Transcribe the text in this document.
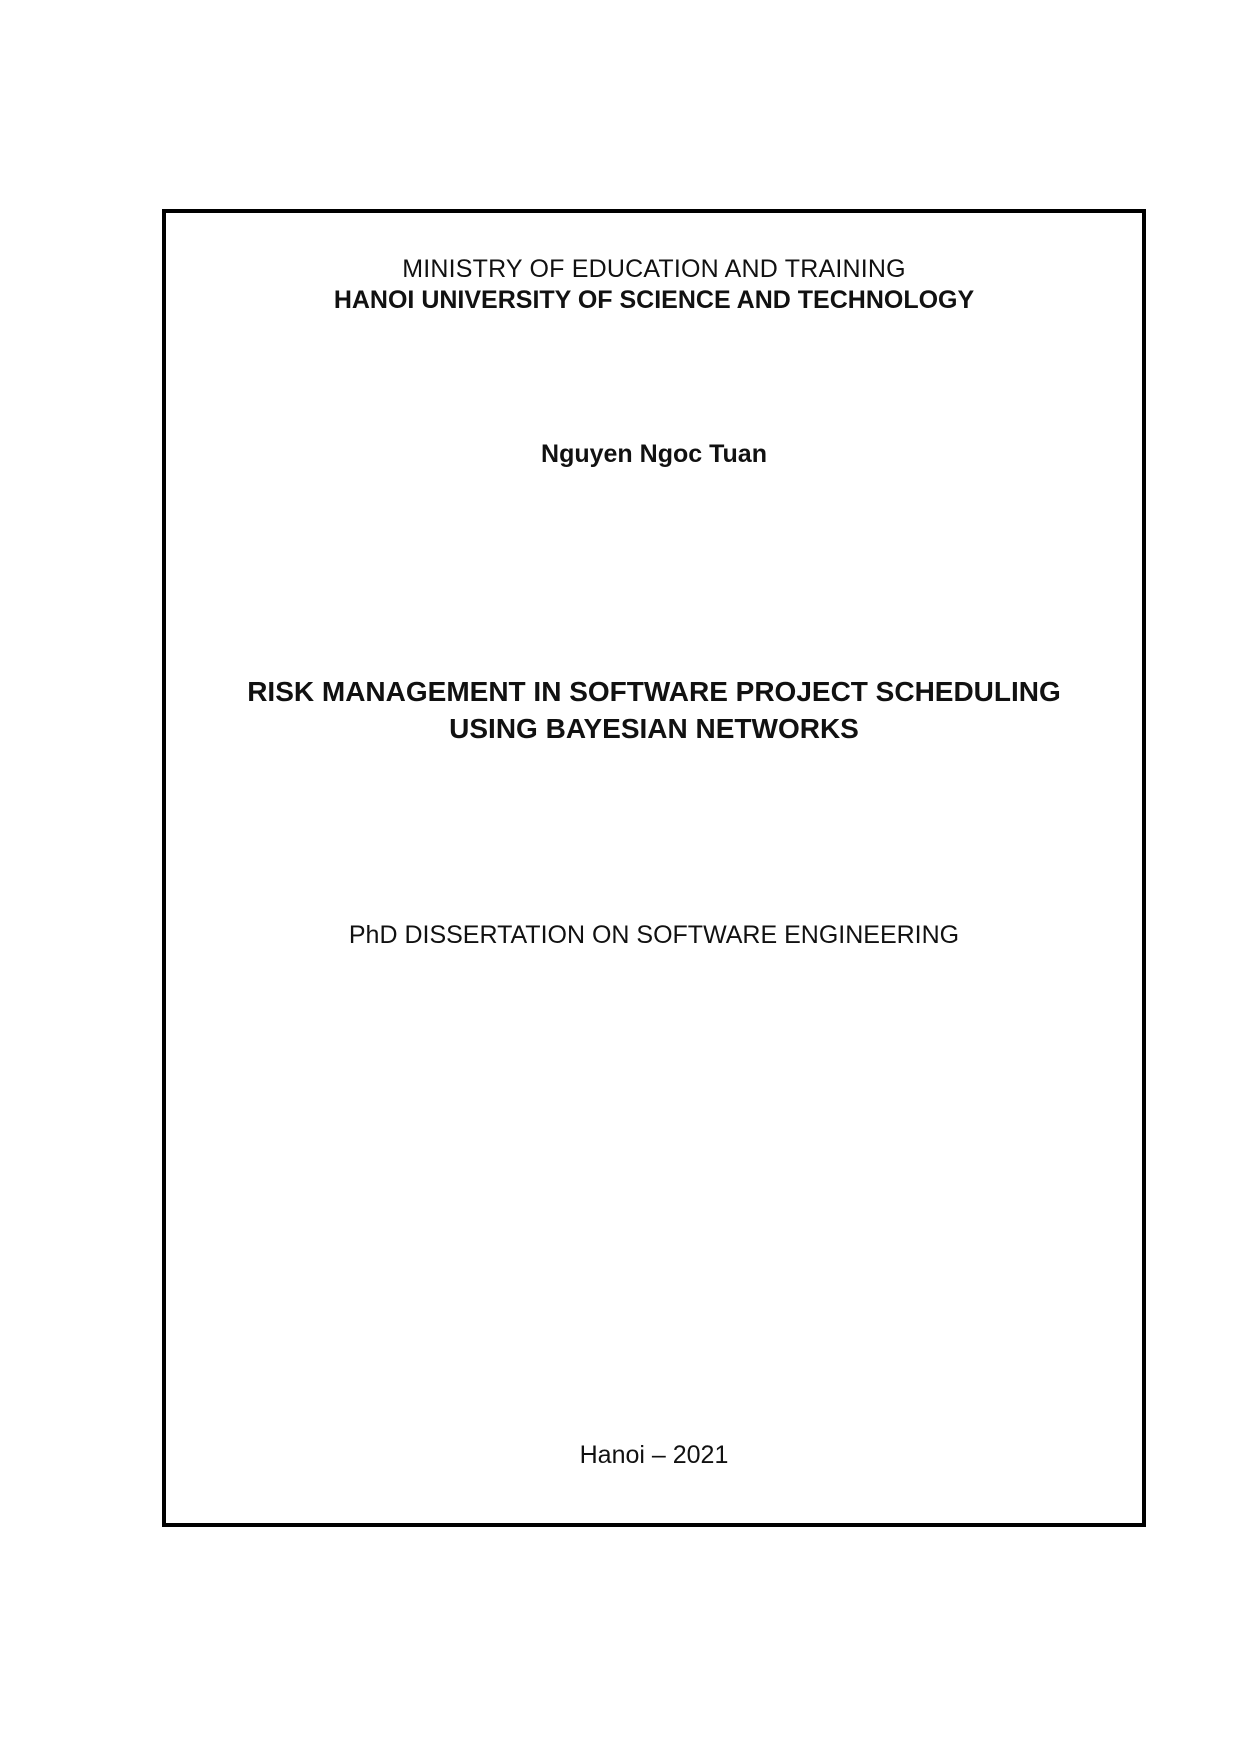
MINISTRY OF EDUCATION AND TRAINING
HANOI UNIVERSITY OF SCIENCE AND TECHNOLOGY
Nguyen Ngoc Tuan
RISK MANAGEMENT IN SOFTWARE PROJECT SCHEDULING
USING BAYESIAN NETWORKS
PhD DISSERTATION ON SOFTWARE ENGINEERING
Hanoi – 2021
